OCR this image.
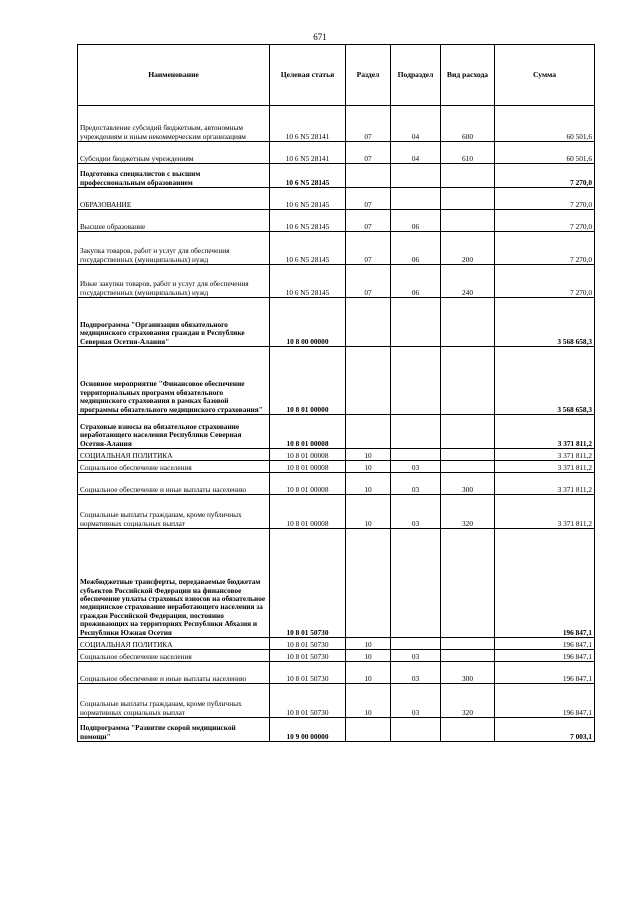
671
Наименование	Целевая статья	Раздел	Подраздел	Вид расхода	Сумма
Предоставление субсидий бюджетным, автономным учреждениям и иным некоммерческим организациям	10 6 N5 28141	07	04	600	60 501,6
Субсидии бюджетным учреждениям	10 6 N5 28141	07	04	610	60 501,6
Подготовка специалистов с высшим профессиональным образованием	10 6 N5 28145				7 270,0
ОБРАЗОВАНИЕ	10 6 N5 28145	07			7 270,0
Высшее образование	10 6 N5 28145	07	06		7 270,0
Закупка товаров, работ и услуг для обеспечения государственных (муниципальных) нужд	10 6 N5 28145	07	06	200	7 270,0
Иные закупки товаров, работ и услуг для обеспечения государственных (муниципальных) нужд	10 6 N5 28145	07	06	240	7 270,0
Подпрограмма "Организация обязательного медицинского страхования граждан в Республике Северная Осетия-Алания"	10 8 00 00000				3 568 658,3
Основное мероприятие "Финансовое обеспечение территориальных программ обязательного медицинского страхования в рамках базовой программы обязательного медицинского страхования"	10 8 01 00000				3 568 658,3
Страховые взносы на обязательное страхование неработающего населения Республики Северная Осетия-Алания	10 8 01 00008				3 371 811,2
СОЦИАЛЬНАЯ ПОЛИТИКА	10 8 01 00008	10			3 371 811,2
Социальное обеспечение населения	10 8 01 00008	10	03		3 371 811,2
Социальное обеспечение и иные выплаты населению	10 8 01 00008	10	03	300	3 371 811,2
Социальные выплаты гражданам, кроме публичных нормативных социальных выплат	10 8 01 00008	10	03	320	3 371 811,2
Межбюджетные трансферты, передаваемые бюджетам субъектов Российской Федерации на финансовое обеспечение уплаты страховых взносов на обязательное медицинское страхование неработающего населения за граждан Российской Федерации, постоянно проживающих на территориях Республики Абхазия и Республики Южная Осетия	10 8 01 50730				196 847,1
СОЦИАЛЬНАЯ ПОЛИТИКА	10 8 01 50730	10			196 847,1
Социальное обеспечение населения	10 8 01 50730	10	03		196 847,1
Социальное обеспечение и иные выплаты населению	10 8 01 50730	10	03	300	196 847,1
Социальные выплаты гражданам, кроме публичных нормативных социальных выплат	10 8 01 50730	10	03	320	196 847,1
Подпрограмма "Развитие скорой медицинской помощи"	10 9 00 00000				7 003,1
